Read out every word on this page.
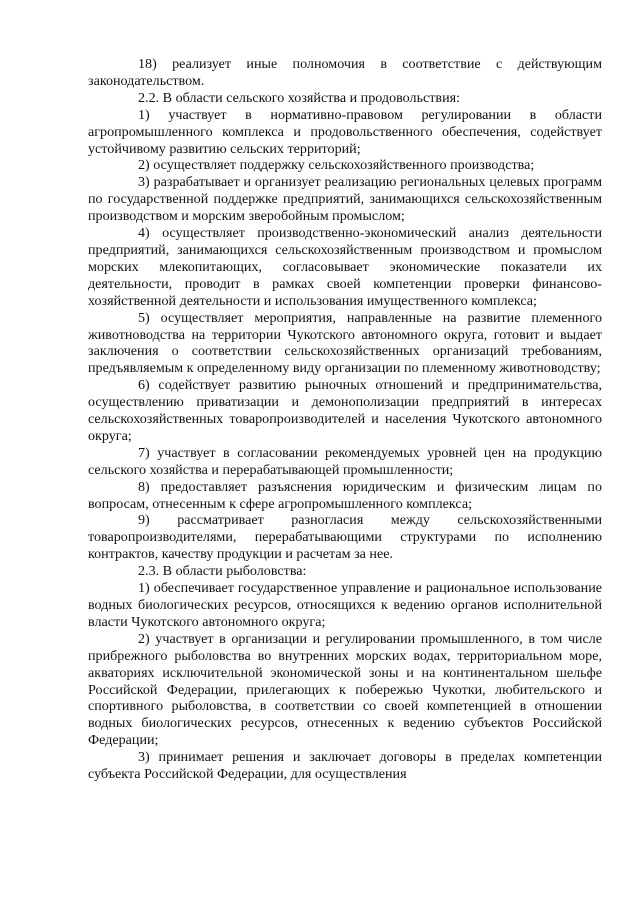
18) реализует иные полномочия в соответствие с действующим законодательством.

2.2. В области сельского хозяйства и продовольствия:

1) участвует в нормативно-правовом регулировании в области агропромышленного комплекса и продовольственного обеспечения, содействует устойчивому развитию сельских территорий;

2) осуществляет поддержку сельскохозяйственного производства;

3) разрабатывает и организует реализацию региональных целевых программ по государственной поддержке предприятий, занимающихся сельскохозяйственным производством и морским зверобойным промыслом;

4) осуществляет производственно-экономический анализ деятельности предприятий, занимающихся сельскохозяйственным производством и промыслом морских млекопитающих, согласовывает экономические показатели их деятельности, проводит в рамках своей компетенции проверки финансово-хозяйственной деятельности и использования имущественного комплекса;

5) осуществляет мероприятия, направленные на развитие племенного животноводства на территории Чукотского автономного округа, готовит и выдает заключения о соответствии сельскохозяйственных организаций требованиям, предъявляемым к определенному виду организации по племенному животноводству;

6) содействует развитию рыночных отношений и предпринимательства, осуществлению приватизации и демонополизации предприятий в интересах сельскохозяйственных товаропроизводителей и населения Чукотского автономного округа;

7) участвует в согласовании рекомендуемых уровней цен на продукцию сельского хозяйства и перерабатывающей промышленности;

8) предоставляет разъяснения юридическим и физическим лицам по вопросам, отнесенным к сфере агропромышленного комплекса;

9) рассматривает разногласия между сельскохозяйственными товаропроизводителями, перерабатывающими структурами по исполнению контрактов, качеству продукции и расчетам за нее.

2.3. В области рыболовства:

1) обеспечивает государственное управление и рациональное использование водных биологических ресурсов, относящихся к ведению органов исполнительной власти Чукотского автономного округа;

2) участвует в организации и регулировании промышленного, в том числе прибрежного рыболовства во внутренних морских водах, территориальном море, акваториях исключительной экономической зоны и на континентальном шельфе Российской Федерации, прилегающих к побережью Чукотки, любительского и спортивного рыболовства, в соответствии со своей компетенцией в отношении водных биологических ресурсов, отнесенных к ведению субъектов Российской Федерации;

3) принимает решения и заключает договоры в пределах компетенции субъекта Российской Федерации, для осуществления
